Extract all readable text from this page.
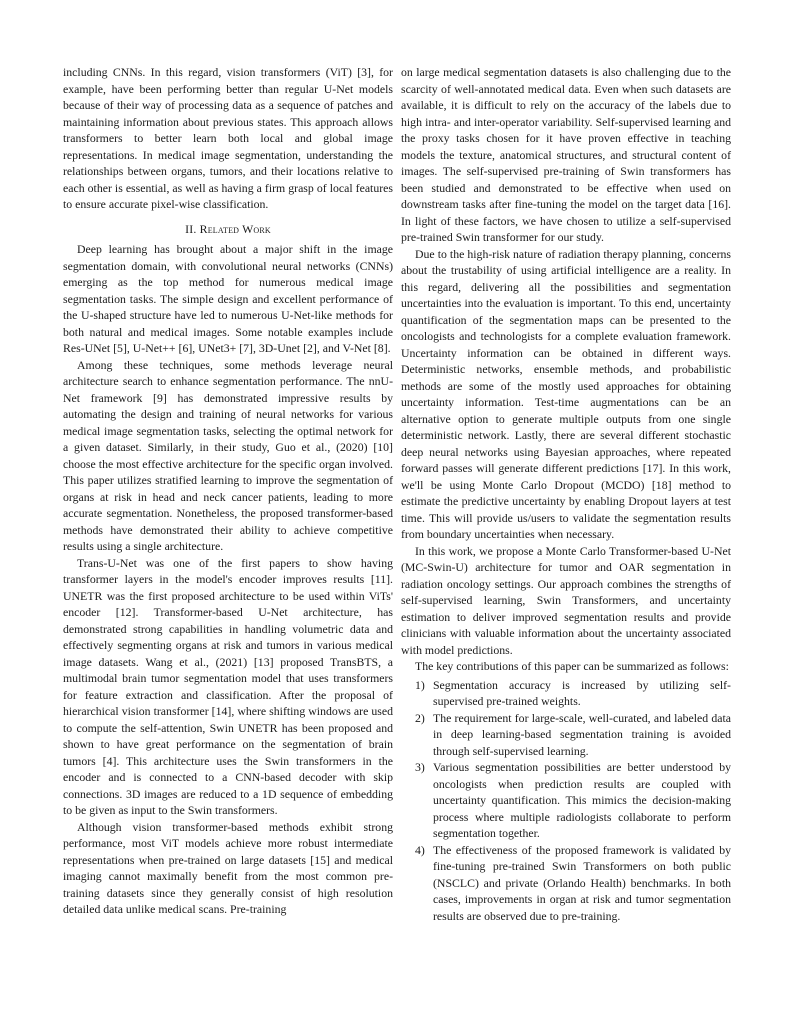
including CNNs. In this regard, vision transformers (ViT) [3], for example, have been performing better than regular U-Net models because of their way of processing data as a sequence of patches and maintaining information about previous states. This approach allows transformers to better learn both local and global image representations. In medical image segmentation, understanding the relationships between organs, tumors, and their locations relative to each other is essential, as well as having a firm grasp of local features to ensure accurate pixel-wise classification.

II. Related Work

Deep learning has brought about a major shift in the image segmentation domain, with convolutional neural networks (CNNs) emerging as the top method for numerous medical image segmentation tasks. The simple design and excellent performance of the U-shaped structure have led to numerous U-Net-like methods for both natural and medical images. Some notable examples include Res-UNet [5], U-Net++ [6], UNet3+ [7], 3D-Unet [2], and V-Net [8].

Among these techniques, some methods leverage neural architecture search to enhance segmentation performance. The nnU-Net framework [9] has demonstrated impressive results by automating the design and training of neural networks for various medical image segmentation tasks, selecting the optimal network for a given dataset. Similarly, in their study, Guo et al., (2020) [10] choose the most effective architecture for the specific organ involved. This paper utilizes stratified learning to improve the segmentation of organs at risk in head and neck cancer patients, leading to more accurate segmentation. Nonetheless, the proposed transformer-based methods have demonstrated their ability to achieve competitive results using a single architecture.

Trans-U-Net was one of the first papers to show having transformer layers in the model's encoder improves results [11]. UNETR was the first proposed architecture to be used within ViTs' encoder [12]. Transformer-based U-Net architecture, has demonstrated strong capabilities in handling volumetric data and effectively segmenting organs at risk and tumors in various medical image datasets. Wang et al., (2021) [13] proposed TransBTS, a multimodal brain tumor segmentation model that uses transformers for feature extraction and classification. After the proposal of hierarchical vision transformer [14], where shifting windows are used to compute the self-attention, Swin UNETR has been proposed and shown to have great performance on the segmentation of brain tumors [4]. This architecture uses the Swin transformers in the encoder and is connected to a CNN-based decoder with skip connections. 3D images are reduced to a 1D sequence of embedding to be given as input to the Swin transformers.

Although vision transformer-based methods exhibit strong performance, most ViT models achieve more robust intermediate representations when pre-trained on large datasets [15] and medical imaging cannot maximally benefit from the most common pre-training datasets since they generally consist of high resolution detailed data unlike medical scans. Pre-training

on large medical segmentation datasets is also challenging due to the scarcity of well-annotated medical data. Even when such datasets are available, it is difficult to rely on the accuracy of the labels due to high intra- and inter-operator variability. Self-supervised learning and the proxy tasks chosen for it have proven effective in teaching models the texture, anatomical structures, and structural content of images. The self-supervised pre-training of Swin transformers has been studied and demonstrated to be effective when used on downstream tasks after fine-tuning the model on the target data [16]. In light of these factors, we have chosen to utilize a self-supervised pre-trained Swin transformer for our study.

Due to the high-risk nature of radiation therapy planning, concerns about the trustability of using artificial intelligence are a reality. In this regard, delivering all the possibilities and segmentation uncertainties into the evaluation is important. To this end, uncertainty quantification of the segmentation maps can be presented to the oncologists and technologists for a complete evaluation framework. Uncertainty information can be obtained in different ways. Deterministic networks, ensemble methods, and probabilistic methods are some of the mostly used approaches for obtaining uncertainty information. Test-time augmentations can be an alternative option to generate multiple outputs from one single deterministic network. Lastly, there are several different stochastic deep neural networks using Bayesian approaches, where repeated forward passes will generate different predictions [17]. In this work, we'll be using Monte Carlo Dropout (MCDO) [18] method to estimate the predictive uncertainty by enabling Dropout layers at test time. This will provide us/users to validate the segmentation results from boundary uncertainties when necessary.

In this work, we propose a Monte Carlo Transformer-based U-Net (MC-Swin-U) architecture for tumor and OAR segmentation in radiation oncology settings. Our approach combines the strengths of self-supervised learning, Swin Transformers, and uncertainty estimation to deliver improved segmentation results and provide clinicians with valuable information about the uncertainty associated with model predictions.

The key contributions of this paper can be summarized as follows:

1) Segmentation accuracy is increased by utilizing self-supervised pre-trained weights.
2) The requirement for large-scale, well-curated, and labeled data in deep learning-based segmentation training is avoided through self-supervised learning.
3) Various segmentation possibilities are better understood by oncologists when prediction results are coupled with uncertainty quantification. This mimics the decision-making process where multiple radiologists collaborate to perform segmentation together.
4) The effectiveness of the proposed framework is validated by fine-tuning pre-trained Swin Transformers on both public (NSCLC) and private (Orlando Health) benchmarks. In both cases, improvements in organ at risk and tumor segmentation results are observed due to pre-training.
